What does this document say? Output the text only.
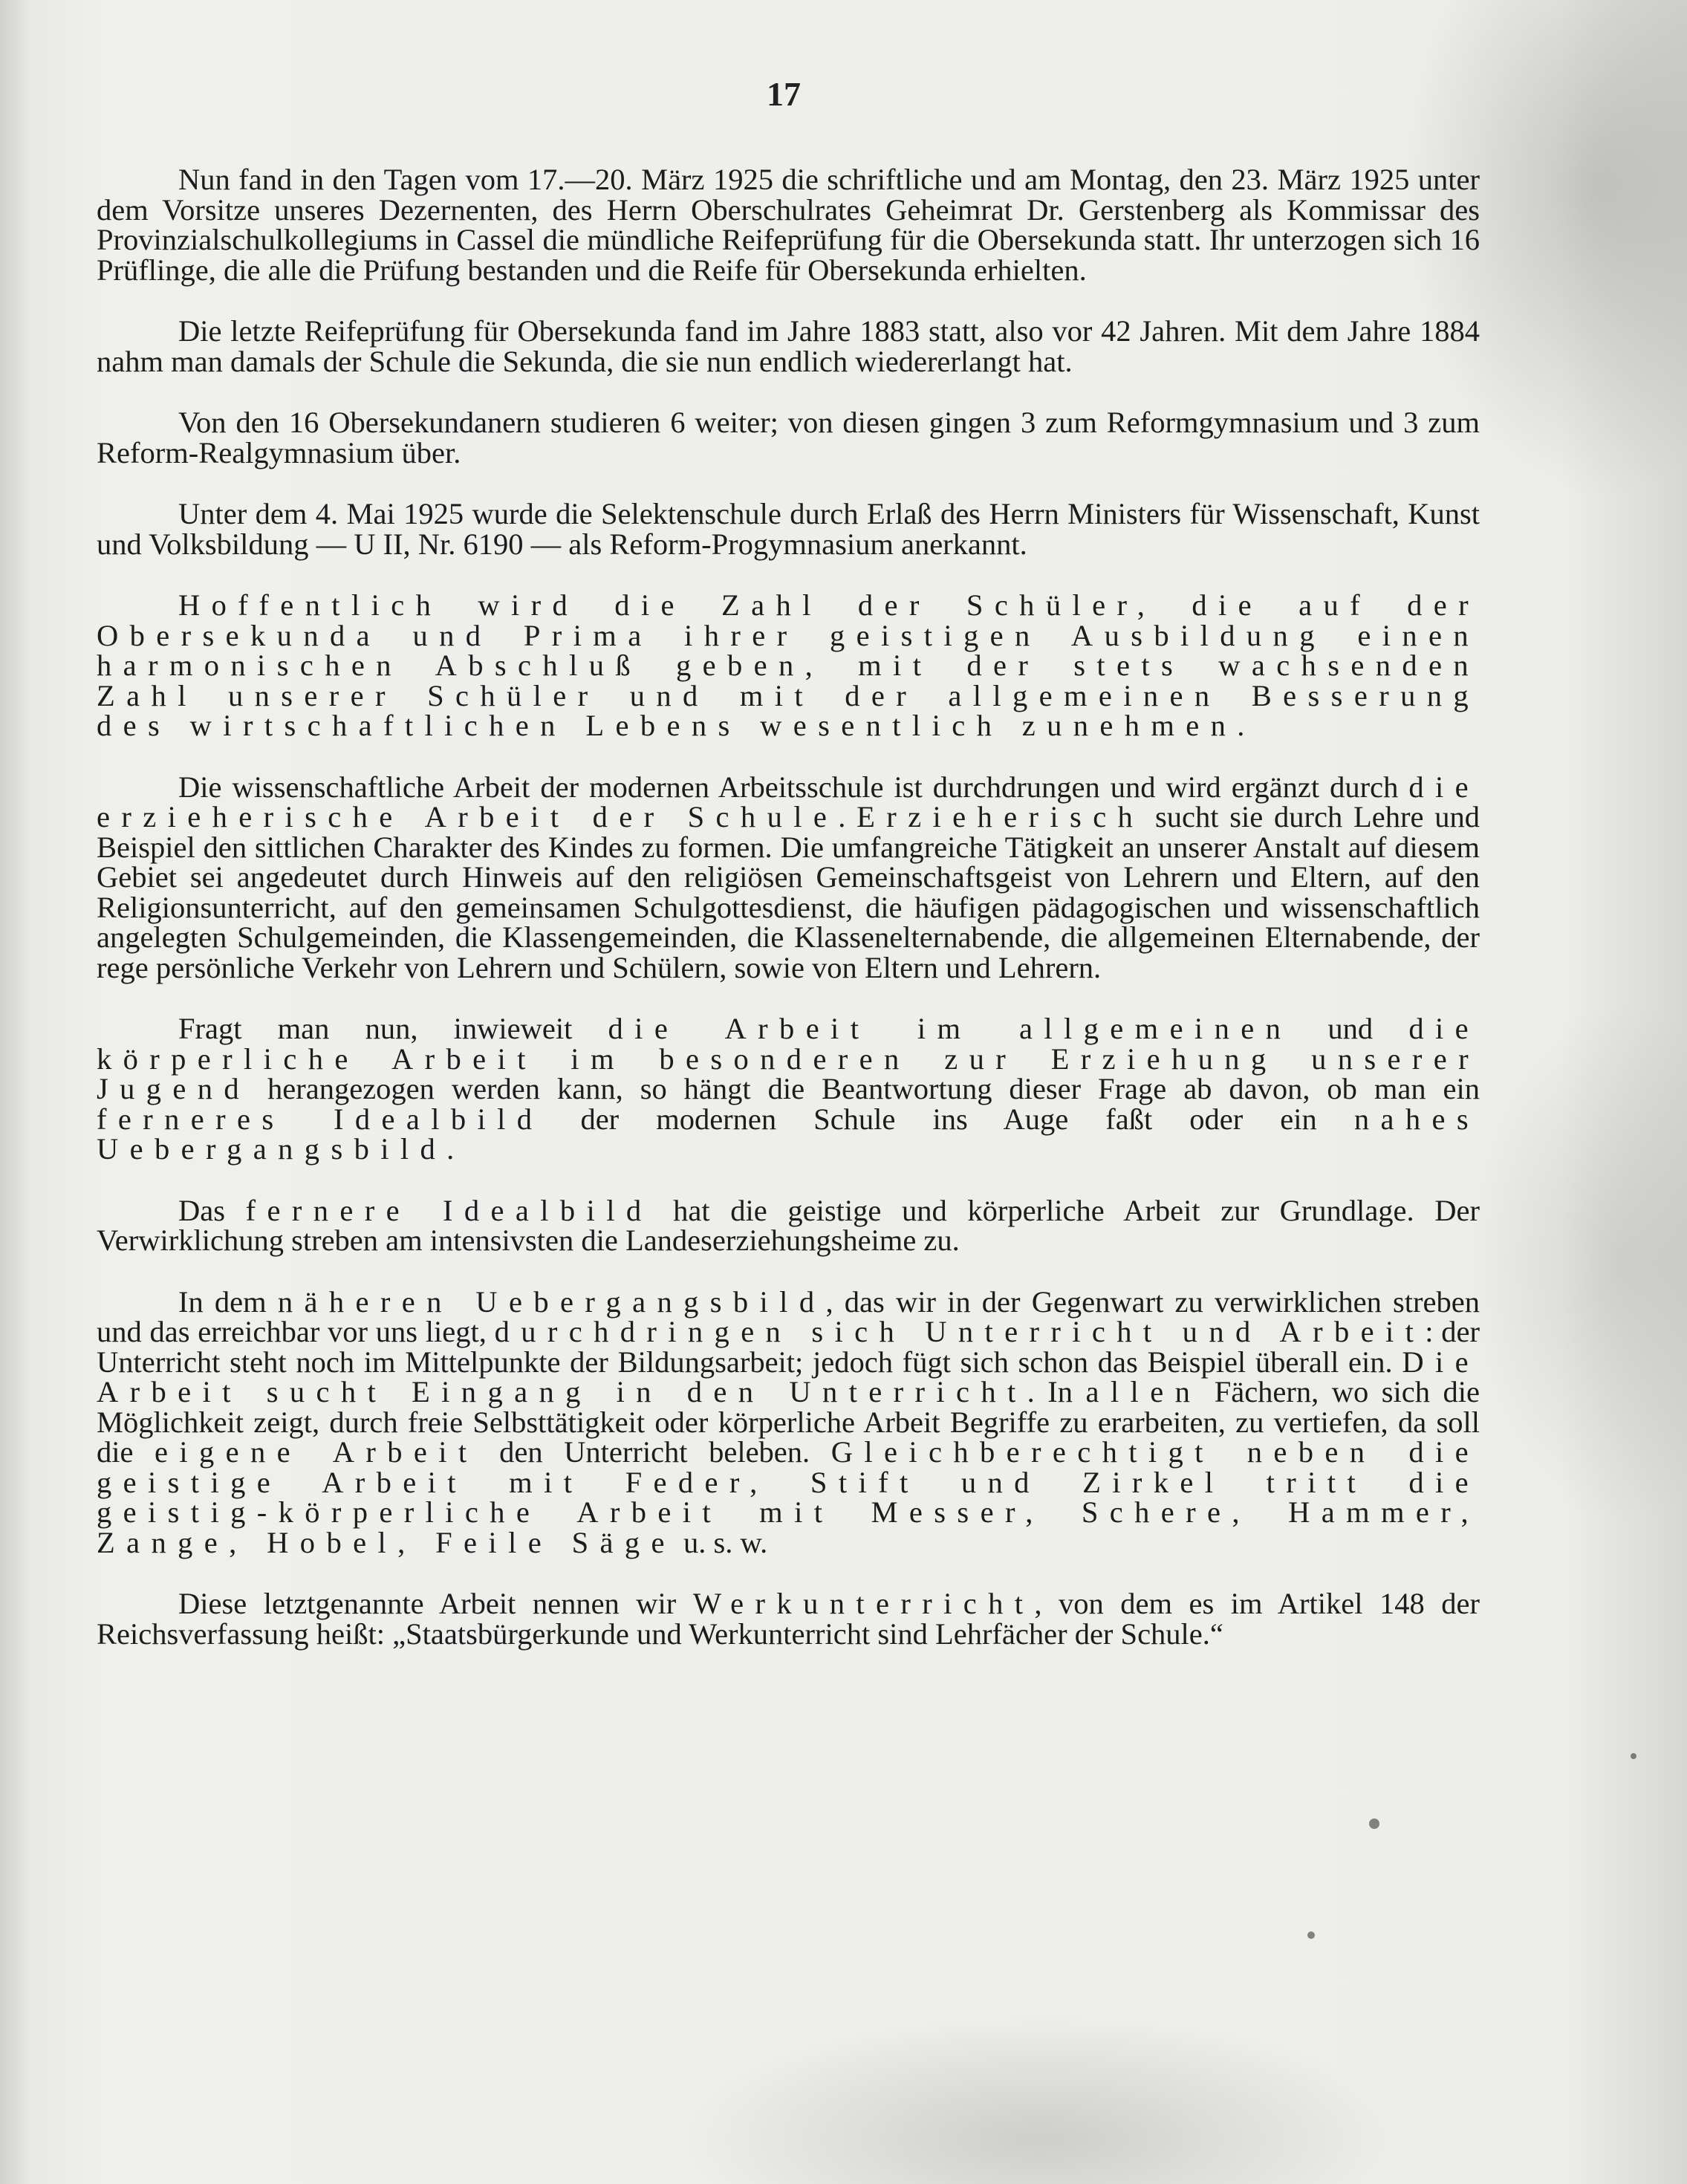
17

Nun fand in den Tagen vom 17.—20. März 1925 die schriftliche und am Montag, den 23. März 1925 unter dem Vorsitze unseres Dezernenten, des Herrn Oberschulrates Geheimrat Dr. Gerstenberg als Kommissar des Provinzialschulkollegiums in Cassel die mündliche Reifeprüfung für die Obersekunda statt. Ihr unterzogen sich 16 Prüflinge, die alle die Prüfung bestanden und die Reife für Obersekunda erhielten.

Die letzte Reifeprüfung für Obersekunda fand im Jahre 1883 statt, also vor 42 Jahren. Mit dem Jahre 1884 nahm man damals der Schule die Sekunda, die sie nun endlich wiedererlangt hat.

Von den 16 Obersekundanern studieren 6 weiter; von diesen gingen 3 zum Reformgymnasium und 3 zum Reform-Realgymnasium über.

Unter dem 4. Mai 1925 wurde die Selektenschule durch Erlaß des Herrn Ministers für Wissenschaft, Kunst und Volksbildung — U II, Nr. 6190 — als Reform-Progymnasium anerkannt.

Hoffentlich wird die Zahl der Schüler, die auf der Obersekunda und Prima ihrer geistigen Ausbildung einen harmonischen Abschluß geben, mit der stets wachsenden Zahl unserer Schüler und mit der allgemeinen Besserung des wirtschaftlichen Lebens wesentlich zunehmen.

Die wissenschaftliche Arbeit der modernen Arbeitsschule ist durchdrungen und wird ergänzt durch die erzieherische Arbeit der Schule. Erzieherisch sucht sie durch Lehre und Beispiel den sittlichen Charakter des Kindes zu formen. Die umfangreiche Tätigkeit an unserer Anstalt auf diesem Gebiet sei angedeutet durch Hinweis auf den religiösen Gemeinschaftsgeist von Lehrern und Eltern, auf den Religionsunterricht, auf den gemeinsamen Schulgottesdienst, die häufigen pädagogischen und wissenschaftlich angelegten Schulgemeinden, die Klassengemeinden, die Klassenelternabende, die allgemeinen Elternabende, der rege persönliche Verkehr von Lehrern und Schülern, sowie von Eltern und Lehrern.

Fragt man nun, inwieweit die Arbeit im allgemeinen und die körperliche Arbeit im besonderen zur Erziehung unserer Jugend herangezogen werden kann, so hängt die Beantwortung dieser Frage ab davon, ob man ein ferneres Idealbild der modernen Schule ins Auge faßt oder ein nahes Uebergangsbild.

Das fernere Idealbild hat die geistige und körperliche Arbeit zur Grundlage. Der Verwirklichung streben am intensivsten die Landeserziehungsheime zu.

In dem näheren Uebergangsbild, das wir in der Gegenwart zu verwirklichen streben und das erreichbar vor uns liegt, durchdringen sich Unterricht und Arbeit: der Unterricht steht noch im Mittelpunkte der Bildungsarbeit; jedoch fügt sich schon das Beispiel überall ein. Die Arbeit sucht Eingang in den Unterricht. In allen Fächern, wo sich die Möglichkeit zeigt, durch freie Selbsttätigkeit oder körperliche Arbeit Begriffe zu erarbeiten, zu vertiefen, da soll die eigene Arbeit den Unterricht beleben. Gleichberechtigt neben die geistige Arbeit mit Feder, Stift und Zirkel tritt die geistig-körperliche Arbeit mit Messer, Schere, Hammer, Zange, Hobel, Feile Säge u. s. w.

Diese letztgenannte Arbeit nennen wir Werkunterricht, von dem es im Artikel 148 der Reichsverfassung heißt: „Staatsbürgerkunde und Werkunterricht sind Lehrfächer der Schule.“
